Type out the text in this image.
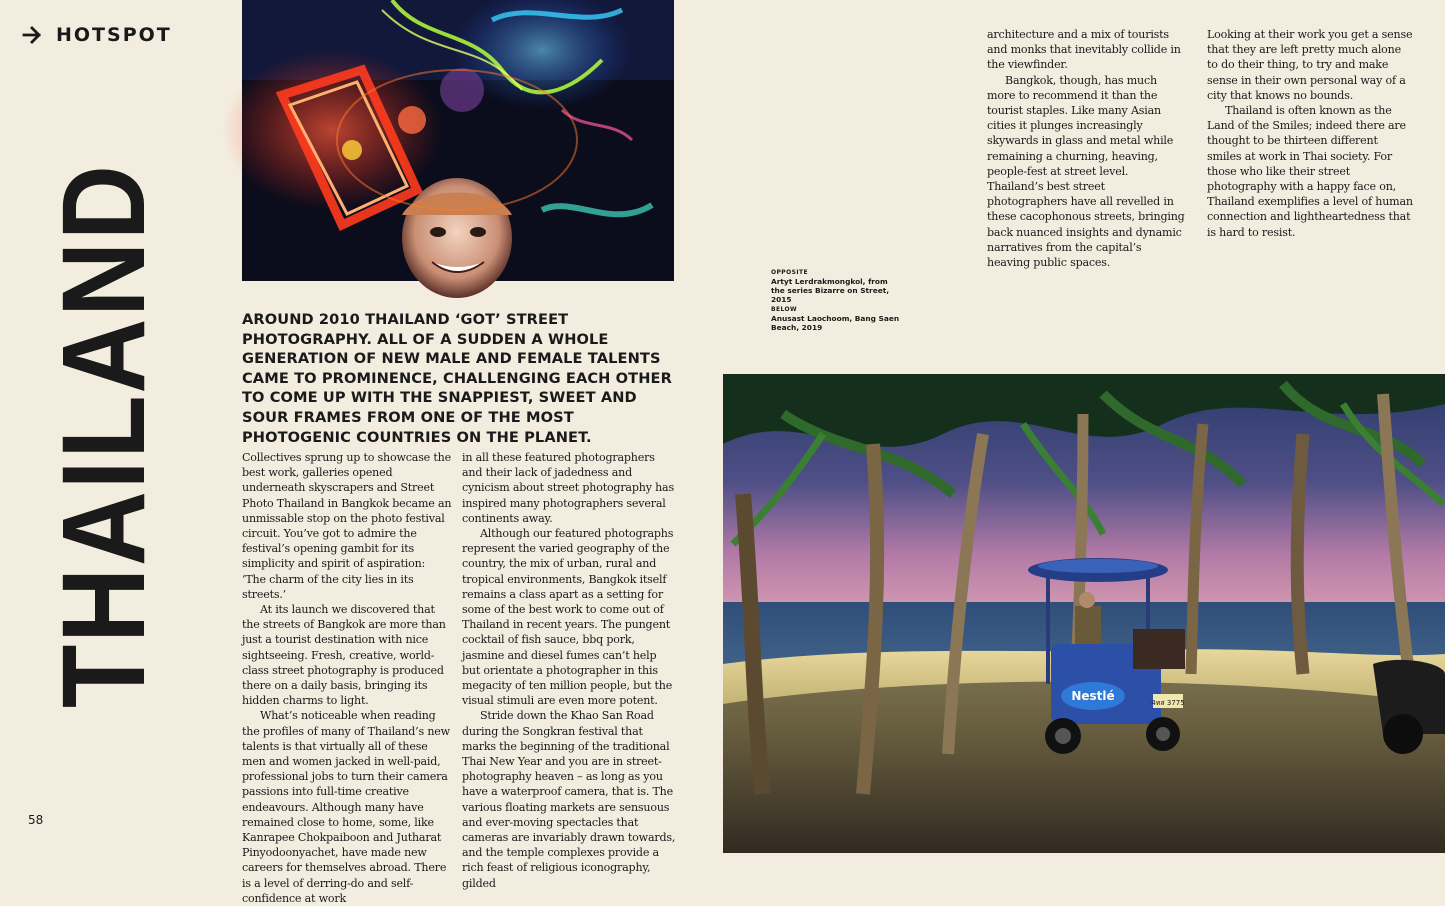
HOTSPOT
THAILAND
58
AROUND 2010 THAILAND ‘GOT’ STREET PHOTOGRAPHY. ALL OF A SUDDEN A WHOLE GENERATION OF NEW MALE AND FEMALE TALENTS CAME TO PROMINENCE, CHALLENGING EACH OTHER TO COME UP WITH THE SNAPPIEST, SWEET AND SOUR FRAMES FROM ONE OF THE MOST PHOTOGENIC COUNTRIES ON THE PLANET.

Collectives sprung up to showcase the best work, galleries opened underneath skyscrapers and Street Photo Thailand in Bangkok became an unmissable stop on the photo festival circuit. You’ve got to admire the festival’s opening gambit for its simplicity and spirit of aspiration: ‘The charm of the city lies in its streets.’

At its launch we discovered that the streets of Bangkok are more than just a tourist destination with nice sightseeing. Fresh, creative, world-class street photography is produced there on a daily basis, bringing its hidden charms to light.

What’s noticeable when reading the profiles of many of Thailand’s new talents is that virtually all of these men and women jacked in well-paid, professional jobs to turn their camera passions into full-time creative endeavours. Although many have remained close to home, some, like Kanrapee Chokpaiboon and Jutharat Pinyodoonyachet, have made new careers for themselves abroad. There is a level of derring-do and self-confidence at work

in all these featured photographers and their lack of jadedness and cynicism about street photography has inspired many photographers several continents away.

Although our featured photographs represent the varied geography of the country, the mix of urban, rural and tropical environments, Bangkok itself remains a class apart as a setting for some of the best work to come out of Thailand in recent years. The pungent cocktail of fish sauce, bbq pork, jasmine and diesel fumes can’t help but orientate a photographer in this megacity of ten million people, but the visual stimuli are even more potent.

Stride down the Khao San Road during the Songkran festival that marks the beginning of the traditional Thai New Year and you are in street-photography heaven – as long as you have a waterproof camera, that is. The various floating markets are sensuous and ever-moving spectacles that cameras are invariably drawn towards, and the temple complexes provide a rich feast of religious iconography, gilded

architecture and a mix of tourists and monks that inevitably collide in the viewfinder.

Bangkok, though, has much more to recommend it than the tourist staples. Like many Asian cities it plunges increasingly skywards in glass and metal while remaining a churning, heaving, people-fest at street level. Thailand’s best street photographers have all revelled in these cacophonous streets, bringing back nuanced insights and dynamic narratives from the capital’s heaving public spaces.

Looking at their work you get a sense that they are left pretty much alone to do their thing, to try and make sense in their own personal way of a city that knows no bounds.

Thailand is often known as the Land of the Smiles; indeed there are thought to be thirteen different smiles at work in Thai society. For those who like their street photography with a happy face on, Thailand exemplifies a level of human connection and lightheartedness that is hard to resist.

OPPOSITE
Artyt Lerdrakmongkol, from the series Bizarre on Street, 2015
BELOW
Anusast Laochoom, Bang Saen Beach, 2019
Nestlé	4ทส 3775
